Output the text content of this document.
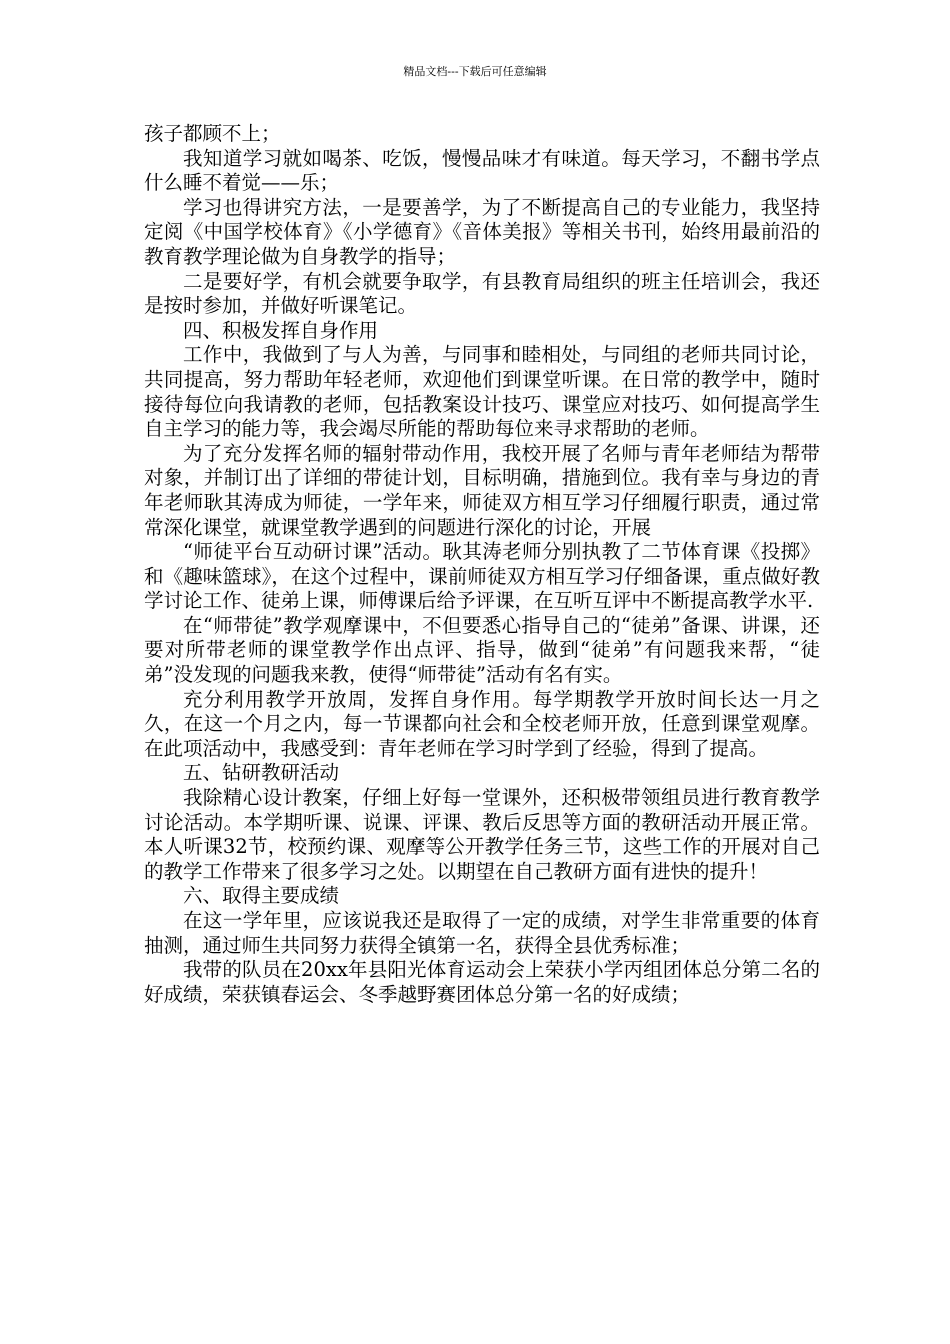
精品文档---下载后可任意编辑

孩子都顾不上；

我知道学习就如喝茶、吃饭，慢慢品味才有味道。每天学习，不翻书学点什么睡不着觉——乐；

学习也得讲究方法，一是要善学，为了不断提高自己的专业能力，我坚持定阅《中国学校体育》《小学德育》《音体美报》等相关书刊，始终用最前沿的教育教学理论做为自身教学的指导；

二是要好学，有机会就要争取学，有县教育局组织的班主任培训会，我还是按时参加，并做好听课笔记。

四、积极发挥自身作用

工作中，我做到了与人为善，与同事和睦相处，与同组的老师共同讨论，共同提高，努力帮助年轻老师，欢迎他们到课堂听课。在日常的教学中，随时接待每位向我请教的老师，包括教案设计技巧、课堂应对技巧、如何提高学生自主学习的能力等，我会竭尽所能的帮助每位来寻求帮助的老师。

为了充分发挥名师的辐射带动作用，我校开展了名师与青年老师结为帮带对象，并制订出了详细的带徒计划，目标明确，措施到位。我有幸与身边的青年老师耿其涛成为师徒，一学年来，师徒双方相互学习仔细履行职责，通过常常深化课堂，就课堂教学遇到的问题进行深化的讨论，开展

“师徒平台互动研讨课”活动。耿其涛老师分别执教了二节体育课《投掷》和《趣味篮球》，在这个过程中，课前师徒双方相互学习仔细备课，重点做好教学讨论工作、徒弟上课，师傅课后给予评课，在互听互评中不断提高教学水平.

在“师带徒”教学观摩课中，不但要悉心指导自己的“徒弟”备课、讲课，还要对所带老师的课堂教学作出点评、指导，做到“徒弟”有问题我来帮，“徒弟”没发现的问题我来教，使得“师带徒”活动有名有实。

充分利用教学开放周，发挥自身作用。每学期教学开放时间长达一月之久，在这一个月之内，每一节课都向社会和全校老师开放，任意到课堂观摩。在此项活动中，我感受到：青年老师在学习时学到了经验，得到了提高。

五、钻研教研活动

我除精心设计教案，仔细上好每一堂课外，还积极带领组员进行教育教学讨论活动。本学期听课、说课、评课、教后反思等方面的教研活动开展正常。本人听课32节，校预约课、观摩等公开教学任务三节，这些工作的开展对自己的教学工作带来了很多学习之处。以期望在自己教研方面有进快的提升！

六、取得主要成绩

在这一学年里，应该说我还是取得了一定的成绩，对学生非常重要的体育抽测，通过师生共同努力获得全镇第一名，获得全县优秀标准；

我带的队员在20xx年县阳光体育运动会上荣获小学丙组团体总分第二名的好成绩，荣获镇春运会、冬季越野赛团体总分第一名的好成绩；
